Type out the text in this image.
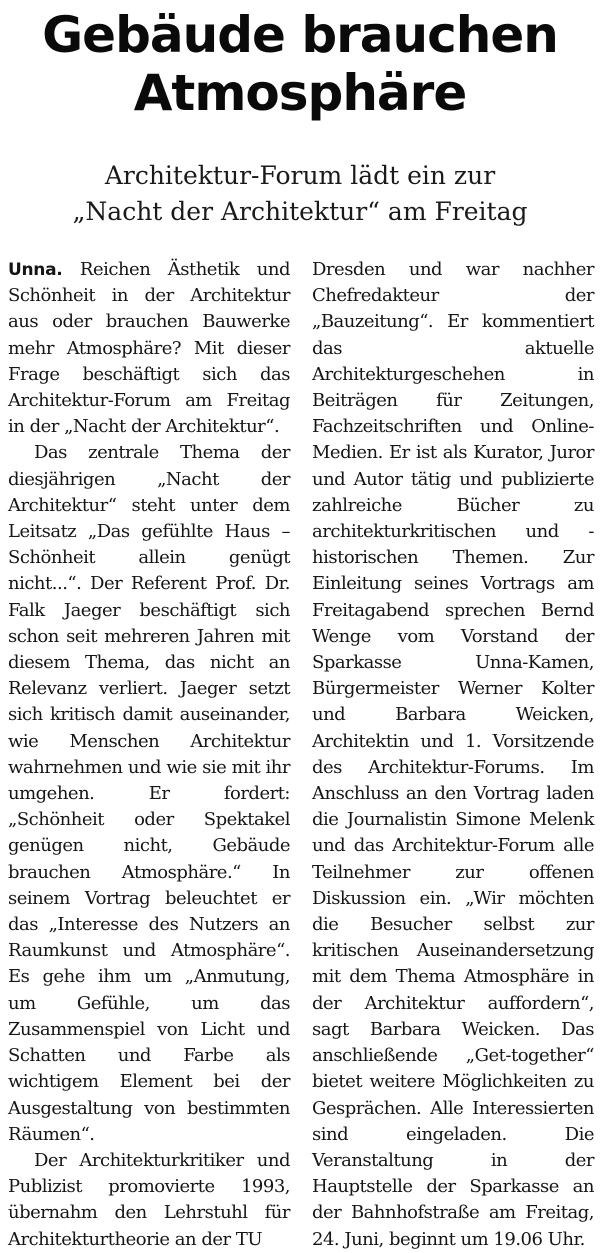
Gebäude brauchen
Atmosphäre
Architektur-Forum lädt ein zur
„Nacht der Architektur“ am Freitag

Unna. Reichen Ästhetik und Schönheit in der Architektur aus oder brauchen Bauwerke mehr Atmosphäre? Mit dieser Frage beschäftigt sich das Architektur-Forum am Freitag in der „Nacht der Architektur“.

Das zentrale Thema der diesjährigen „Nacht der Architektur“ steht unter dem Leitsatz „Das gefühlte Haus – Schönheit allein genügt nicht...“. Der Referent Prof. Dr. Falk Jaeger beschäftigt sich schon seit mehreren Jahren mit diesem Thema, das nicht an Relevanz verliert. Jaeger setzt sich kritisch damit auseinander, wie Menschen Architektur wahrnehmen und wie sie mit ihr umgehen. Er fordert: „Schönheit oder Spektakel genügen nicht, Gebäude brauchen Atmosphäre.“ In seinem Vortrag beleuchtet er das „Interesse des Nutzers an Raumkunst und Atmosphäre“. Es gehe ihm um „Anmutung, um Gefühle, um das Zusammenspiel von Licht und Schatten und Farbe als wichtigem Element bei der Ausgestaltung von bestimmten Räumen“.

Der Architekturkritiker und Publizist promovierte 1993, übernahm den Lehrstuhl für Architekturtheorie an der TU

Dresden und war nachher Chefredakteur der „Bauzeitung“. Er kommentiert das aktuelle Architekturgeschehen in Beiträgen für Zeitungen, Fachzeitschriften und Online-Medien. Er ist als Kurator, Juror und Autor tätig und publizierte zahlreiche Bücher zu architekturkritischen und -historischen Themen. Zur Einleitung seines Vortrags am Freitagabend sprechen Bernd Wenge vom Vorstand der Sparkasse Unna-Kamen, Bürgermeister Werner Kolter und Barbara Weicken, Architektin und 1. Vorsitzende des Architektur-Forums. Im Anschluss an den Vortrag laden die Journalistin Simone Melenk und das Architektur-Forum alle Teilnehmer zur offenen Diskussion ein. „Wir möchten die Besucher selbst zur kritischen Auseinandersetzung mit dem Thema Atmosphäre in der Architektur auffordern“, sagt Barbara Weicken. Das anschließende „Get-together“ bietet weitere Möglichkeiten zu Gesprächen. Alle Interessierten sind eingeladen. Die Veranstaltung in der Hauptstelle der Sparkasse an der Bahnhofstraße am Freitag, 24. Juni, beginnt um 19.06 Uhr.
